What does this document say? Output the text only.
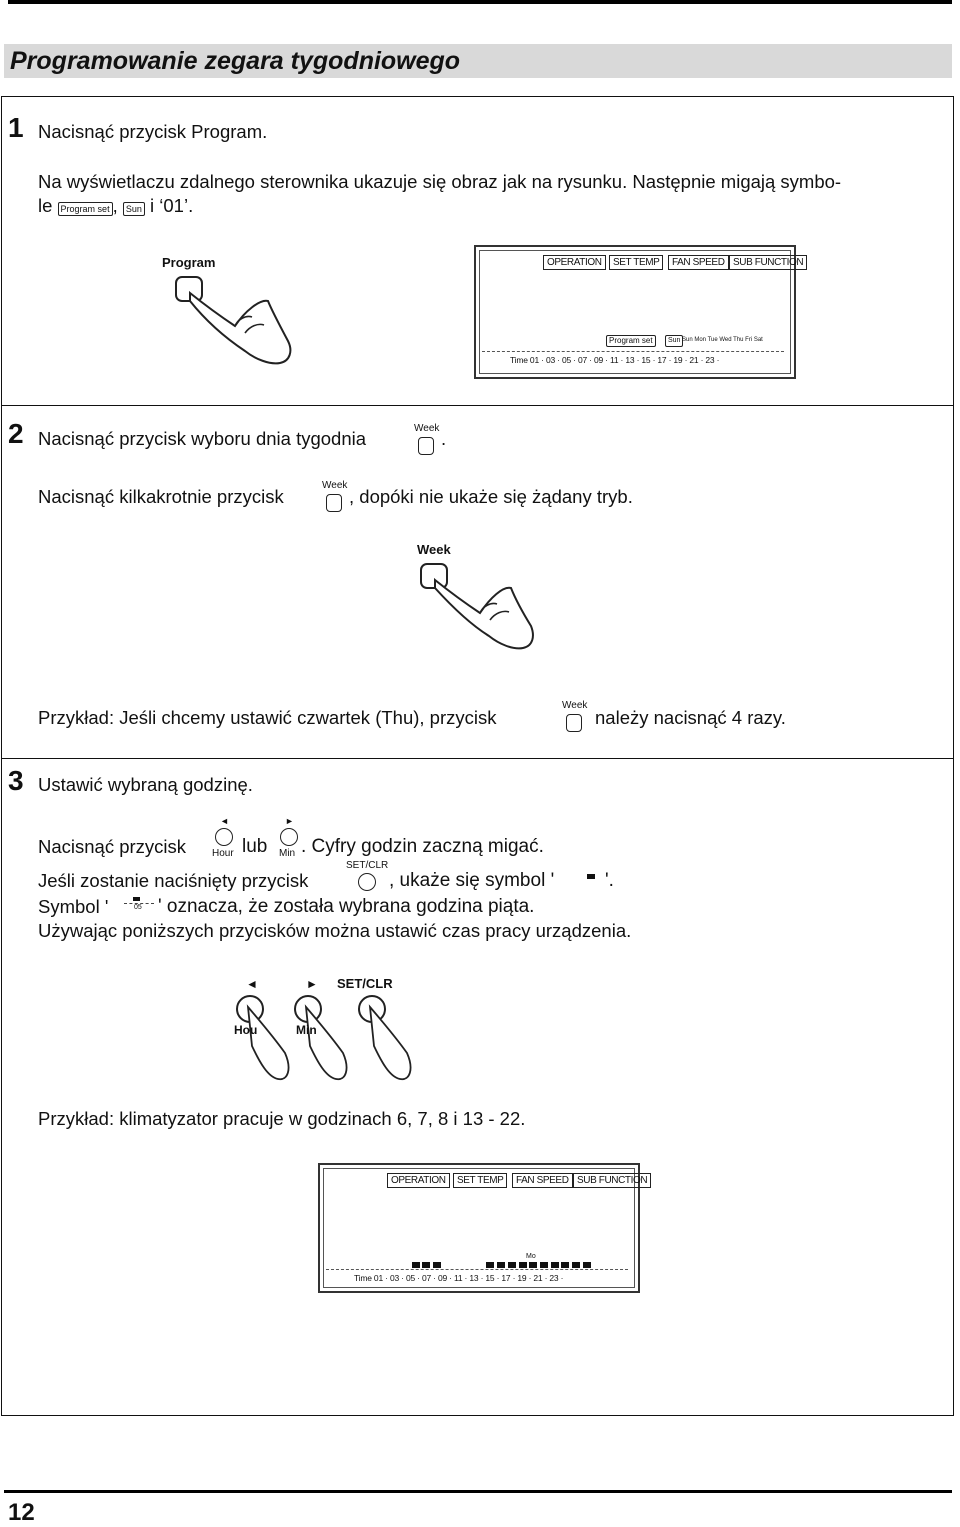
Programowanie zegara tygodniowego
1 Nacisnąć przycisk Program.
Na wyświetlaczu zdalnego sterownika ukazuje się obraz jak na rysunku. Następnie migają symbo-
le Program set , Sun i ‘01’.
Program	OPERATION	SET TEMP	FAN SPEED SUB FUNCTION
Program set	Sun Sun Mon Tue Wed Thu Fri Sat
Time 01 · 03 · 05 · 07 · 09 · 11 · 13 · 15 · 17 · 19 · 21 · 23 ·
2 Nacisnąć przycisk wyboru dnia tygodnia	Week .
Nacisnąć kilkakrotnie przycisk
Week
, dopóki nie ukaże się żądany tryb.
Week
Przykład: Jeśli chcemy ustawić czwartek (Thu), przycisk
Week
należy nacisnąć 4 razy.
3 Ustawić wybraną godzinę.
Nacisnąć przycisk
◄
Hour lub
►
Min . Cyfry godzin zaczną migać.
Jeśli zostanie naciśnięty przycisk
SET/CLR
, ukaże się symbol '	'.
Symbol '	05 ' oznacza, że została wybrana godzina piąta.
Używając poniższych przycisków można ustawić czas pracy urządzenia.
◄	► SET/CLR
Hou	Min
Przykład: klimatyzator pracuje w godzinach 6, 7, 8 i 13 - 22.
OPERATION	SET TEMP	FAN SPEED SUB FUNCTION
Mo
Time 01 · 03 · 05 · 07 · 09 · 11 · 13 · 15 · 17 · 19 · 21 · 23 ·
12
